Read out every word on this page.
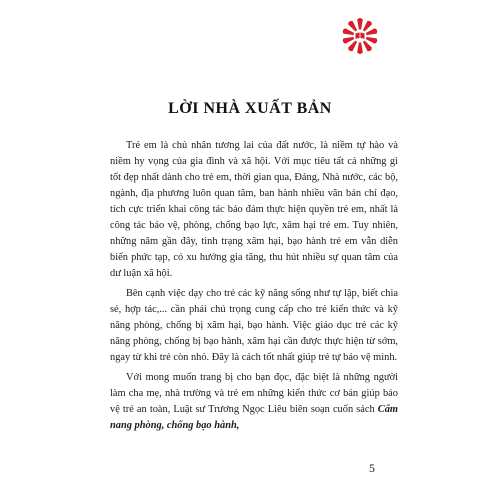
LỜI NHÀ XUẤT BẢN

Trẻ em là chủ nhân tương lai của đất nước, là niềm tự hào và niềm hy vọng của gia đình và xã hội. Với mục tiêu tất cả những gì tốt đẹp nhất dành cho trẻ em, thời gian qua, Đảng, Nhà nước, các bộ, ngành, địa phương luôn quan tâm, ban hành nhiều văn bản chỉ đạo, tích cực triển khai công tác bảo đảm thực hiện quyền trẻ em, nhất là công tác bảo vệ, phòng, chống bạo lực, xâm hại trẻ em. Tuy nhiên, những năm gần đây, tình trạng xâm hại, bạo hành trẻ em vẫn diễn biến phức tạp, có xu hướng gia tăng, thu hút nhiều sự quan tâm của dư luận xã hội.

Bên cạnh việc dạy cho trẻ các kỹ năng sống như tự lập, biết chia sẻ, hợp tác,... cần phải chú trọng cung cấp cho trẻ kiến thức và kỹ năng phòng, chống bị xâm hại, bạo hành. Việc giáo dục trẻ các kỹ năng phòng, chống bị bạo hành, xâm hại cần được thực hiện từ sớm, ngay từ khi trẻ còn nhỏ. Đây là cách tốt nhất giúp trẻ tự bảo vệ mình.

Với mong muốn trang bị cho bạn đọc, đặc biệt là những người làm cha mẹ, nhà trường và trẻ em những kiến thức cơ bản giúp bảo vệ trẻ an toàn, Luật sư Trương Ngọc Liêu biên soạn cuốn sách Cẩm nang phòng, chống bạo hành,

5
